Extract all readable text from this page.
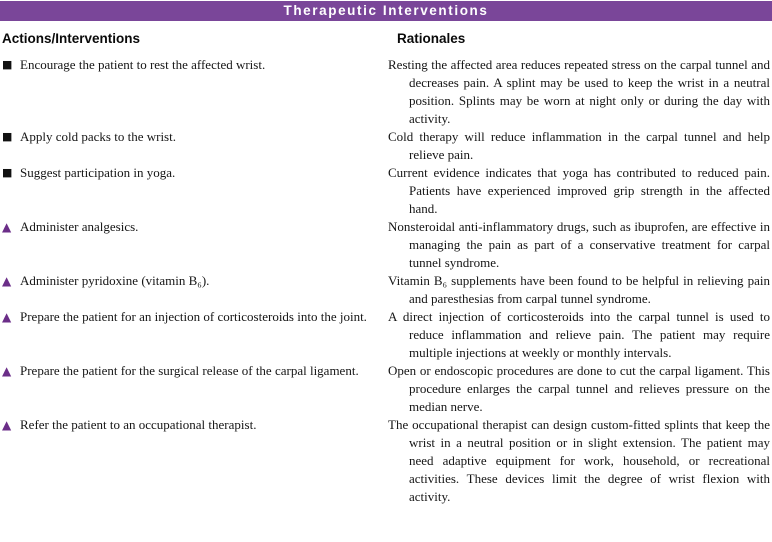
Therapeutic Interventions
Actions/Interventions	Rationales
■ Encourage the patient to rest the affected wrist.	Resting the affected area reduces repeated stress on the carpal tunnel and decreases pain. A splint may be used to keep the wrist in a neutral position. Splints may be worn at night only or during the day with activity.
■ Apply cold packs to the wrist.	Cold therapy will reduce inflammation in the carpal tunnel and help relieve pain.
■ Suggest participation in yoga.	Current evidence indicates that yoga has contributed to reduced pain. Patients have experienced improved grip strength in the affected hand.
▲ Administer analgesics.	Nonsteroidal anti-inflammatory drugs, such as ibuprofen, are effective in managing the pain as part of a conservative treatment for carpal tunnel syndrome.
▲ Administer pyridoxine (vitamin B₆).	Vitamin B₆ supplements have been found to be helpful in relieving pain and paresthesias from carpal tunnel syndrome.
▲ Prepare the patient for an injection of corticosteroids into the joint.	A direct injection of corticosteroids into the carpal tunnel is used to reduce inflammation and relieve pain. The patient may require multiple injections at weekly or monthly intervals.
▲ Prepare the patient for the surgical release of the carpal ligament.	Open or endoscopic procedures are done to cut the carpal ligament. This procedure enlarges the carpal tunnel and relieves pressure on the median nerve.
▲ Refer the patient to an occupational therapist.	The occupational therapist can design custom-fitted splints that keep the wrist in a neutral position or in slight extension. The patient may need adaptive equipment for work, household, or recreational activities. These devices limit the degree of wrist flexion with activity.
